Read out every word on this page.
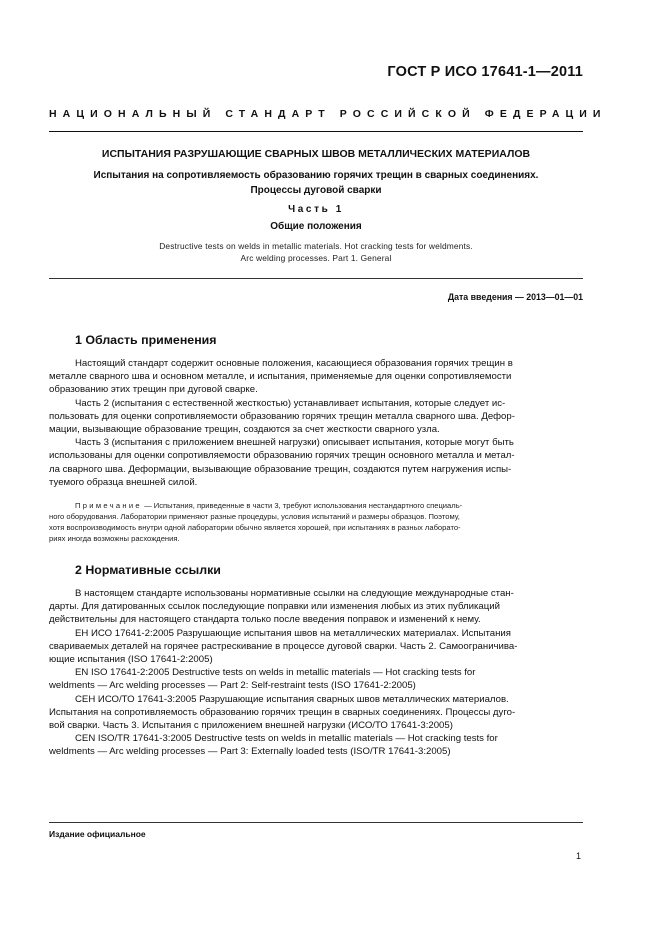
ГОСТ Р ИСО 17641-1—2011
НАЦИОНАЛЬНЫЙ СТАНДАРТ РОССИЙСКОЙ ФЕДЕРАЦИИ
ИСПЫТАНИЯ РАЗРУШАЮЩИЕ СВАРНЫХ ШВОВ МЕТАЛЛИЧЕСКИХ МАТЕРИАЛОВ
Испытания на сопротивляемость образованию горячих трещин в сварных соединениях.
Процессы дуговой сварки
Часть 1
Общие положения
Destructive tests on welds in metallic materials. Hot cracking tests for weldments.
Arc welding processes. Part 1. General
Дата введения — 2013—01—01
1 Область применения

Настоящий стандарт содержит основные положения, касающиеся образования горячих трещин в

металле сварного шва и основном металле, и испытания, применяемые для оценки сопротивляемости

образованию этих трещин при дуговой сварке.

Часть 2 (испытания с естественной жесткостью) устанавливает испытания, которые следует ис-

пользовать для оценки сопротивляемости образованию горячих трещин металла сварного шва. Дефор-

мации, вызывающие образование трещин, создаются за счет жесткости сварного узла.

Часть 3 (испытания с приложением внешней нагрузки) описывает испытания, которые могут быть

использованы для оценки сопротивляемости образованию горячих трещин основного металла и метал-

ла сварного шва. Деформации, вызывающие образование трещин, создаются путем нагружения испы-

туемого образца внешней силой.

Примечание — Испытания, приведенные в части 3, требуют использования нестандартного специаль-

ного оборудования. Лаборатории применяют разные процедуры, условия испытаний и размеры образцов. Поэтому,

хотя воспроизводимость внутри одной лаборатории обычно является хорошей, при испытаниях в разных лаборато-

риях иногда возможны расхождения.

2 Нормативные ссылки

В настоящем стандарте использованы нормативные ссылки на следующие международные стан-

дарты. Для датированных ссылок последующие поправки или изменения любых из этих публикаций

действительны для настоящего стандарта только после введения поправок и изменений к нему.

ЕН ИСО 17641-2:2005 Разрушающие испытания швов на металлических материалах. Испытания

свариваемых деталей на горячее растрескивание в процессе дуговой сварки. Часть 2. Самоограничива-

ющие испытания (ISO 17641-2:2005)

EN ISO 17641-2:2005 Destructive tests on welds in metallic materials — Hot cracking tests for

weldments — Arc welding processes — Part 2: Self-restraint tests (ISO 17641-2:2005)

СЕН ИСО/ТО 17641-3:2005 Разрушающие испытания сварных швов металлических материалов.

Испытания на сопротивляемость образованию горячих трещин в сварных соединениях. Процессы дуго-

вой сварки. Часть 3. Испытания с приложением внешней нагрузки (ИСО/ТО 17641-3:2005)

CEN ISO/TR 17641-3:2005 Destructive tests on welds in metallic materials — Hot cracking tests for

weldments — Arc welding processes — Part 3: Externally loaded tests (ISO/TR 17641-3:2005)

Издание официальное
1
